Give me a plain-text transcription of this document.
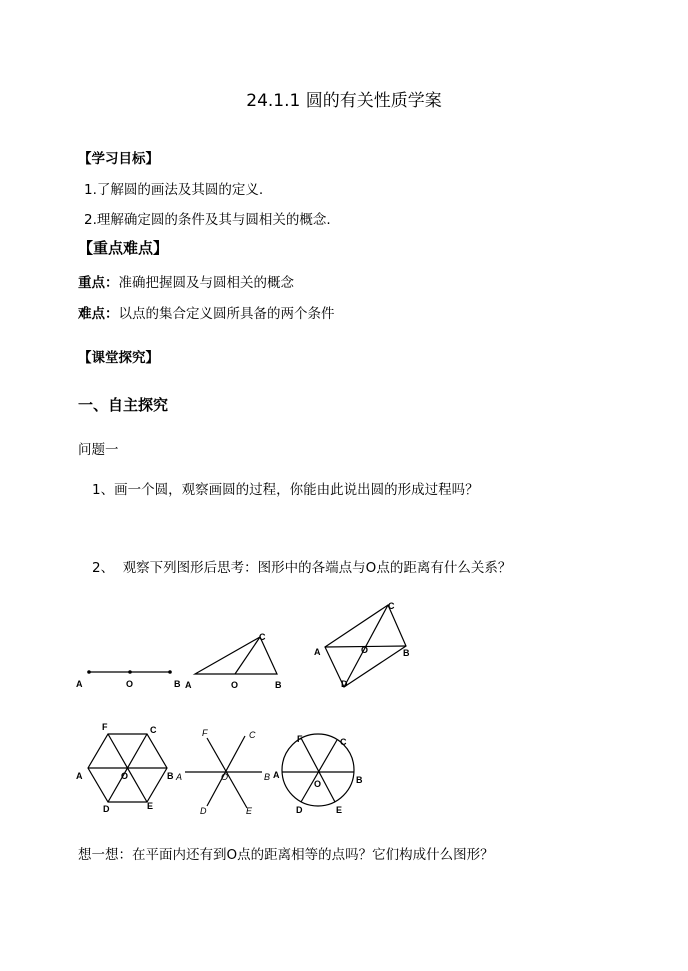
24.1.1 圆的有关性质学案
【学习目标】
1.了解圆的画法及其圆的定义.
2.理解确定圆的条件及其与圆相关的概念.
【重点难点】
重点：准确把握圆及与圆相关的概念
难点：以点的集合定义圆所具备的两个条件
【课堂探究】
一、自主探究
问题一
1、画一个圆，观察画圆的过程，你能由此说出圆的形成过程吗？
2、 观察下列图形后思考：图形中的各端点与O点的距离有什么关系？
A	O	B A	O	B
C
A	O	B
C
D
A	O	B
C
D	E
F
A	O	B
C
D	E
F
A
O	B
C
D	E
F
想一想：在平面内还有到O点的距离相等的点吗？它们构成什么图形？
